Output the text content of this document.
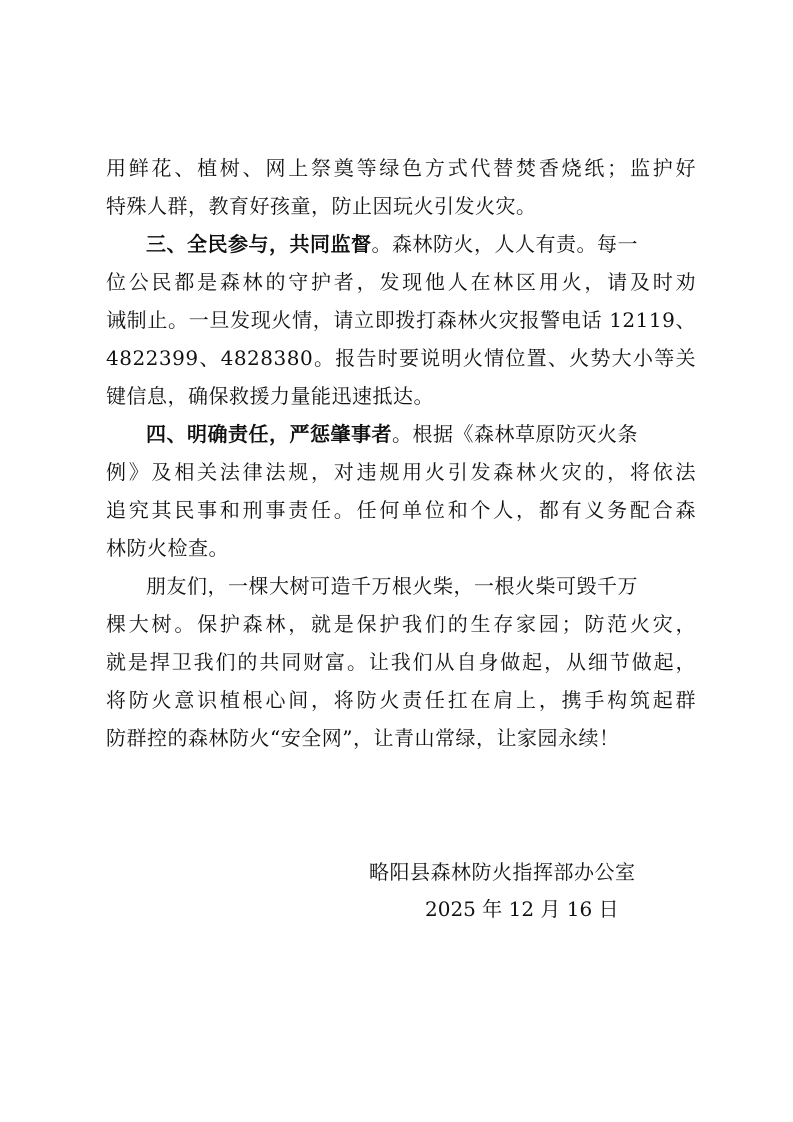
用鲜花、植树、网上祭奠等绿色方式代替焚香烧纸；监护好
特殊人群，教育好孩童，防止因玩火引发火灾。
三、全民参与，共同监督。森林防火，人人有责。每一
位公民都是森林的守护者，发现他人在林区用火，请及时劝
诫制止。一旦发现火情，请立即拨打森林火灾报警电话 12119、
4822399、4828380。报告时要说明火情位置、火势大小等关
键信息，确保救援力量能迅速抵达。
四、明确责任，严惩肇事者。根据《森林草原防灭火条
例》及相关法律法规，对违规用火引发森林火灾的，将依法
追究其民事和刑事责任。任何单位和个人，都有义务配合森
林防火检查。
朋友们，一棵大树可造千万根火柴，一根火柴可毁千万
棵大树。保护森林，就是保护我们的生存家园；防范火灾，
就是捍卫我们的共同财富。让我们从自身做起，从细节做起，
将防火意识植根心间，将防火责任扛在肩上，携手构筑起群
防群控的森林防火“安全网”，让青山常绿，让家园永续！
略阳县森林防火指挥部办公室
2025 年 12 月 16 日
